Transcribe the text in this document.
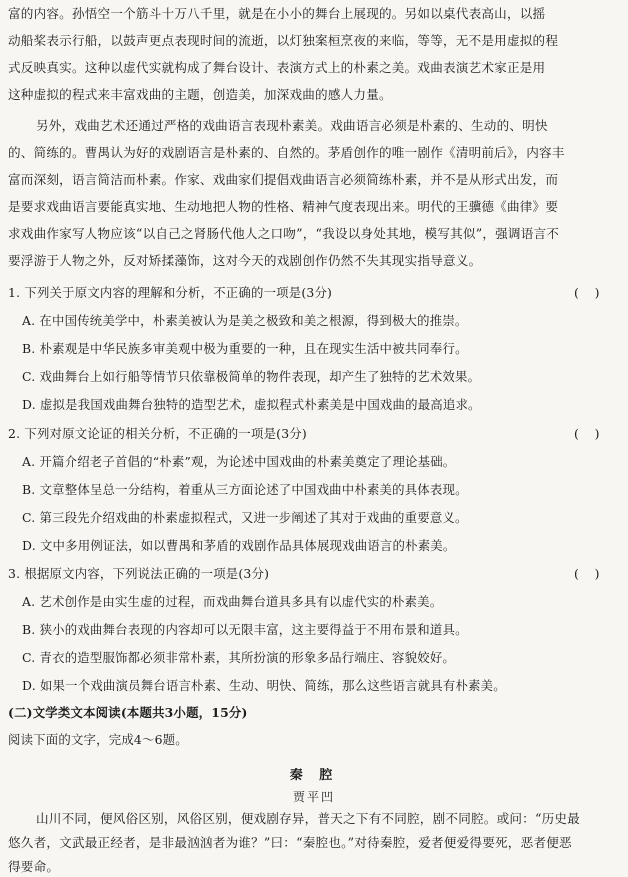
富的内容。孙悟空一个筋斗十万八千里，就是在小小的舞台上展现的。另如以桌代表高山，以摇
动船桨表示行船，以鼓声更点表现时间的流逝，以灯独案桓烹夜的来临，等等，无不是用虚拟的程
式反映真实。这种以虚代实就构成了舞台设计、表演方式上的朴素之美。戏曲表演艺术家正是用
这种虚拟的程式来丰富戏曲的主题，创造美，加深戏曲的感人力量。
另外，戏曲艺术还通过严格的戏曲语言表现朴素美。戏曲语言必须是朴素的、生动的、明快
的、简练的。曹禺认为好的戏剧语言是朴素的、自然的。茅盾创作的唯一剧作《清明前后》，内容丰
富而深刻，语言简洁而朴素。作家、戏曲家们提倡戏曲语言必须简练朴素，并不是从形式出发，而
是要求戏曲语言要能真实地、生动地把人物的性格、精神气度表现出来。明代的王骥德《曲律》要
求戏曲作家写人物应该“以自己之肾肠代他人之口吻”，“我设以身处其地，模写其似”，强调语言不
要浮游于人物之外，反对矫揉藻饰，这对今天的戏剧创作仍然不失其现实指导意义。
1. 下列关于原文内容的理解和分析，不正确的一项是(3分)	(    )
A. 在中国传统美学中，朴素美被认为是美之极致和美之根源，得到极大的推崇。
B. 朴素观是中华民族多审美观中极为重要的一种，且在现实生活中被共同奉行。
C. 戏曲舞台上如行船等情节只依靠极简单的物件表现，却产生了独特的艺术效果。
D. 虚拟是我国戏曲舞台独特的造型艺术，虚拟程式朴素美是中国戏曲的最高追求。
2. 下列对原文论证的相关分析，不正确的一项是(3分)	(    )
A. 开篇介绍老子首倡的“朴素”观，为论述中国戏曲的朴素美奠定了理论基础。
B. 文章整体呈总一分结构，着重从三方面论述了中国戏曲中朴素美的具体表现。
C. 第三段先介绍戏曲的朴素虚拟程式，又进一步阐述了其对于戏曲的重要意义。
D. 文中多用例证法，如以曹禺和茅盾的戏剧作品具体展现戏曲语言的朴素美。
3. 根据原文内容，下列说法正确的一项是(3分)	(    )
A. 艺术创作是由实生虚的过程，而戏曲舞台道具多具有以虚代实的朴素美。
B. 狭小的戏曲舞台表现的内容却可以无限丰富，这主要得益于不用布景和道具。
C. 青衣的造型服饰都必须非常朴素，其所扮演的形象多品行端庄、容貌姣好。
D. 如果一个戏曲演员舞台语言朴素、生动、明快、简练，那么这些语言就具有朴素美。
(二)文学类文本阅读(本题共3小题，15分)
阅读下面的文字，完成4～6题。
秦 腔
贾平凹
山川不同，便风俗区别，风俗区别，便戏剧存异，普天之下有不同腔，剧不同腔。或问：“历史最
悠久者，文武最正经者，是非最汹汹者为谁？”曰：“秦腔也。”对待秦腔，爱者便爱得要死，恶者便恶
得要命。
